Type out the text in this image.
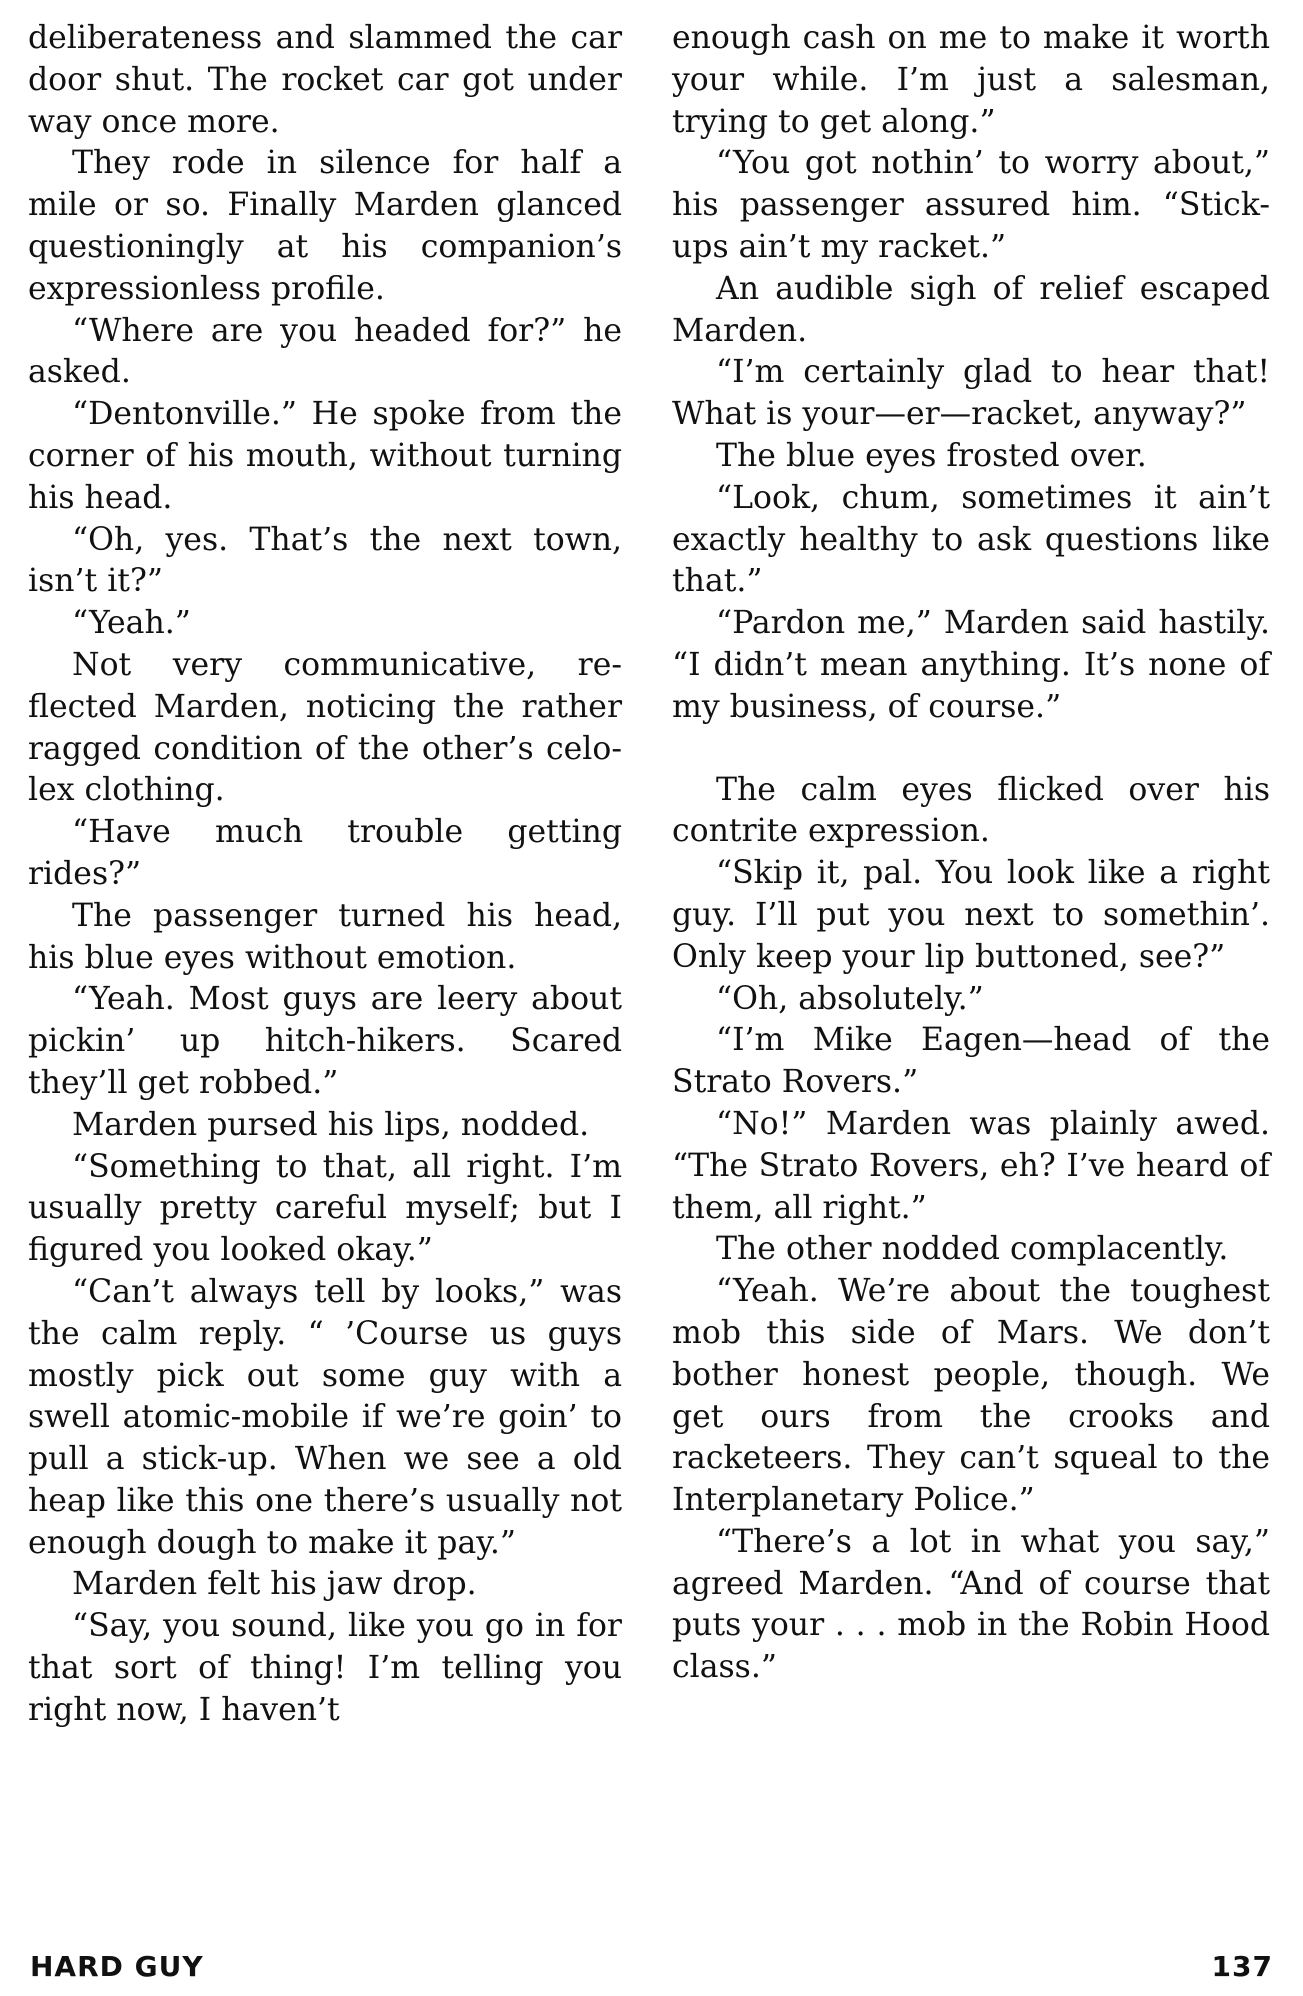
deliberateness and slammed the car door shut. The rocket car got under way once more.

They rode in silence for half a mile or so. Finally Marden glanced questioningly at his companion’s expressionless profile.

“Where are you headed for?” he asked.

“Dentonville.” He spoke from the corner of his mouth, without turning his head.

“Oh, yes. That’s the next town, isn’t it?”

“Yeah.”

Not very communicative, reflected Marden, noticing the rather ragged condition of the other’s celo-lex clothing.

“Have much trouble getting rides?”

The passenger turned his head, his blue eyes without emotion.

“Yeah. Most guys are leery about pickin’ up hitch-hikers. Scared they’ll get robbed.”

Marden pursed his lips, nodded.

“Something to that, all right. I’m usually pretty careful myself; but I figured you looked okay.”

“Can’t always tell by looks,” was the calm reply. “ ’Course us guys mostly pick out some guy with a swell atomic-mobile if we’re goin’ to pull a stick-up. When we see a old heap like this one there’s usually not enough dough to make it pay.”

Marden felt his jaw drop.

“Say, you sound, like you go in for that sort of thing! I’m telling you right now, I haven’t

enough cash on me to make it worth your while. I’m just a salesman, trying to get along.”

“You got nothin’ to worry about,” his passenger assured him. “Stick-ups ain’t my racket.”

An audible sigh of relief escaped Marden.

“I’m certainly glad to hear that! What is your—er—racket, anyway?”

The blue eyes frosted over.

“Look, chum, sometimes it ain’t exactly healthy to ask questions like that.”

“Pardon me,” Marden said hastily. “I didn’t mean anything. It’s none of my business, of course.”

The calm eyes flicked over his contrite expression.

“Skip it, pal. You look like a right guy. I’ll put you next to somethin’. Only keep your lip buttoned, see?”

“Oh, absolutely.”

“I’m Mike Eagen—head of the Strato Rovers.”

“No!” Marden was plainly awed. “The Strato Rovers, eh? I’ve heard of them, all right.”

The other nodded complacently.

“Yeah. We’re about the toughest mob this side of Mars. We don’t bother honest people, though. We get ours from the crooks and racketeers. They can’t squeal to the Interplanetary Police.”

“There’s a lot in what you say,” agreed Marden. “And of course that puts your . . . mob in the Robin Hood class.”

HARD GUY	137
